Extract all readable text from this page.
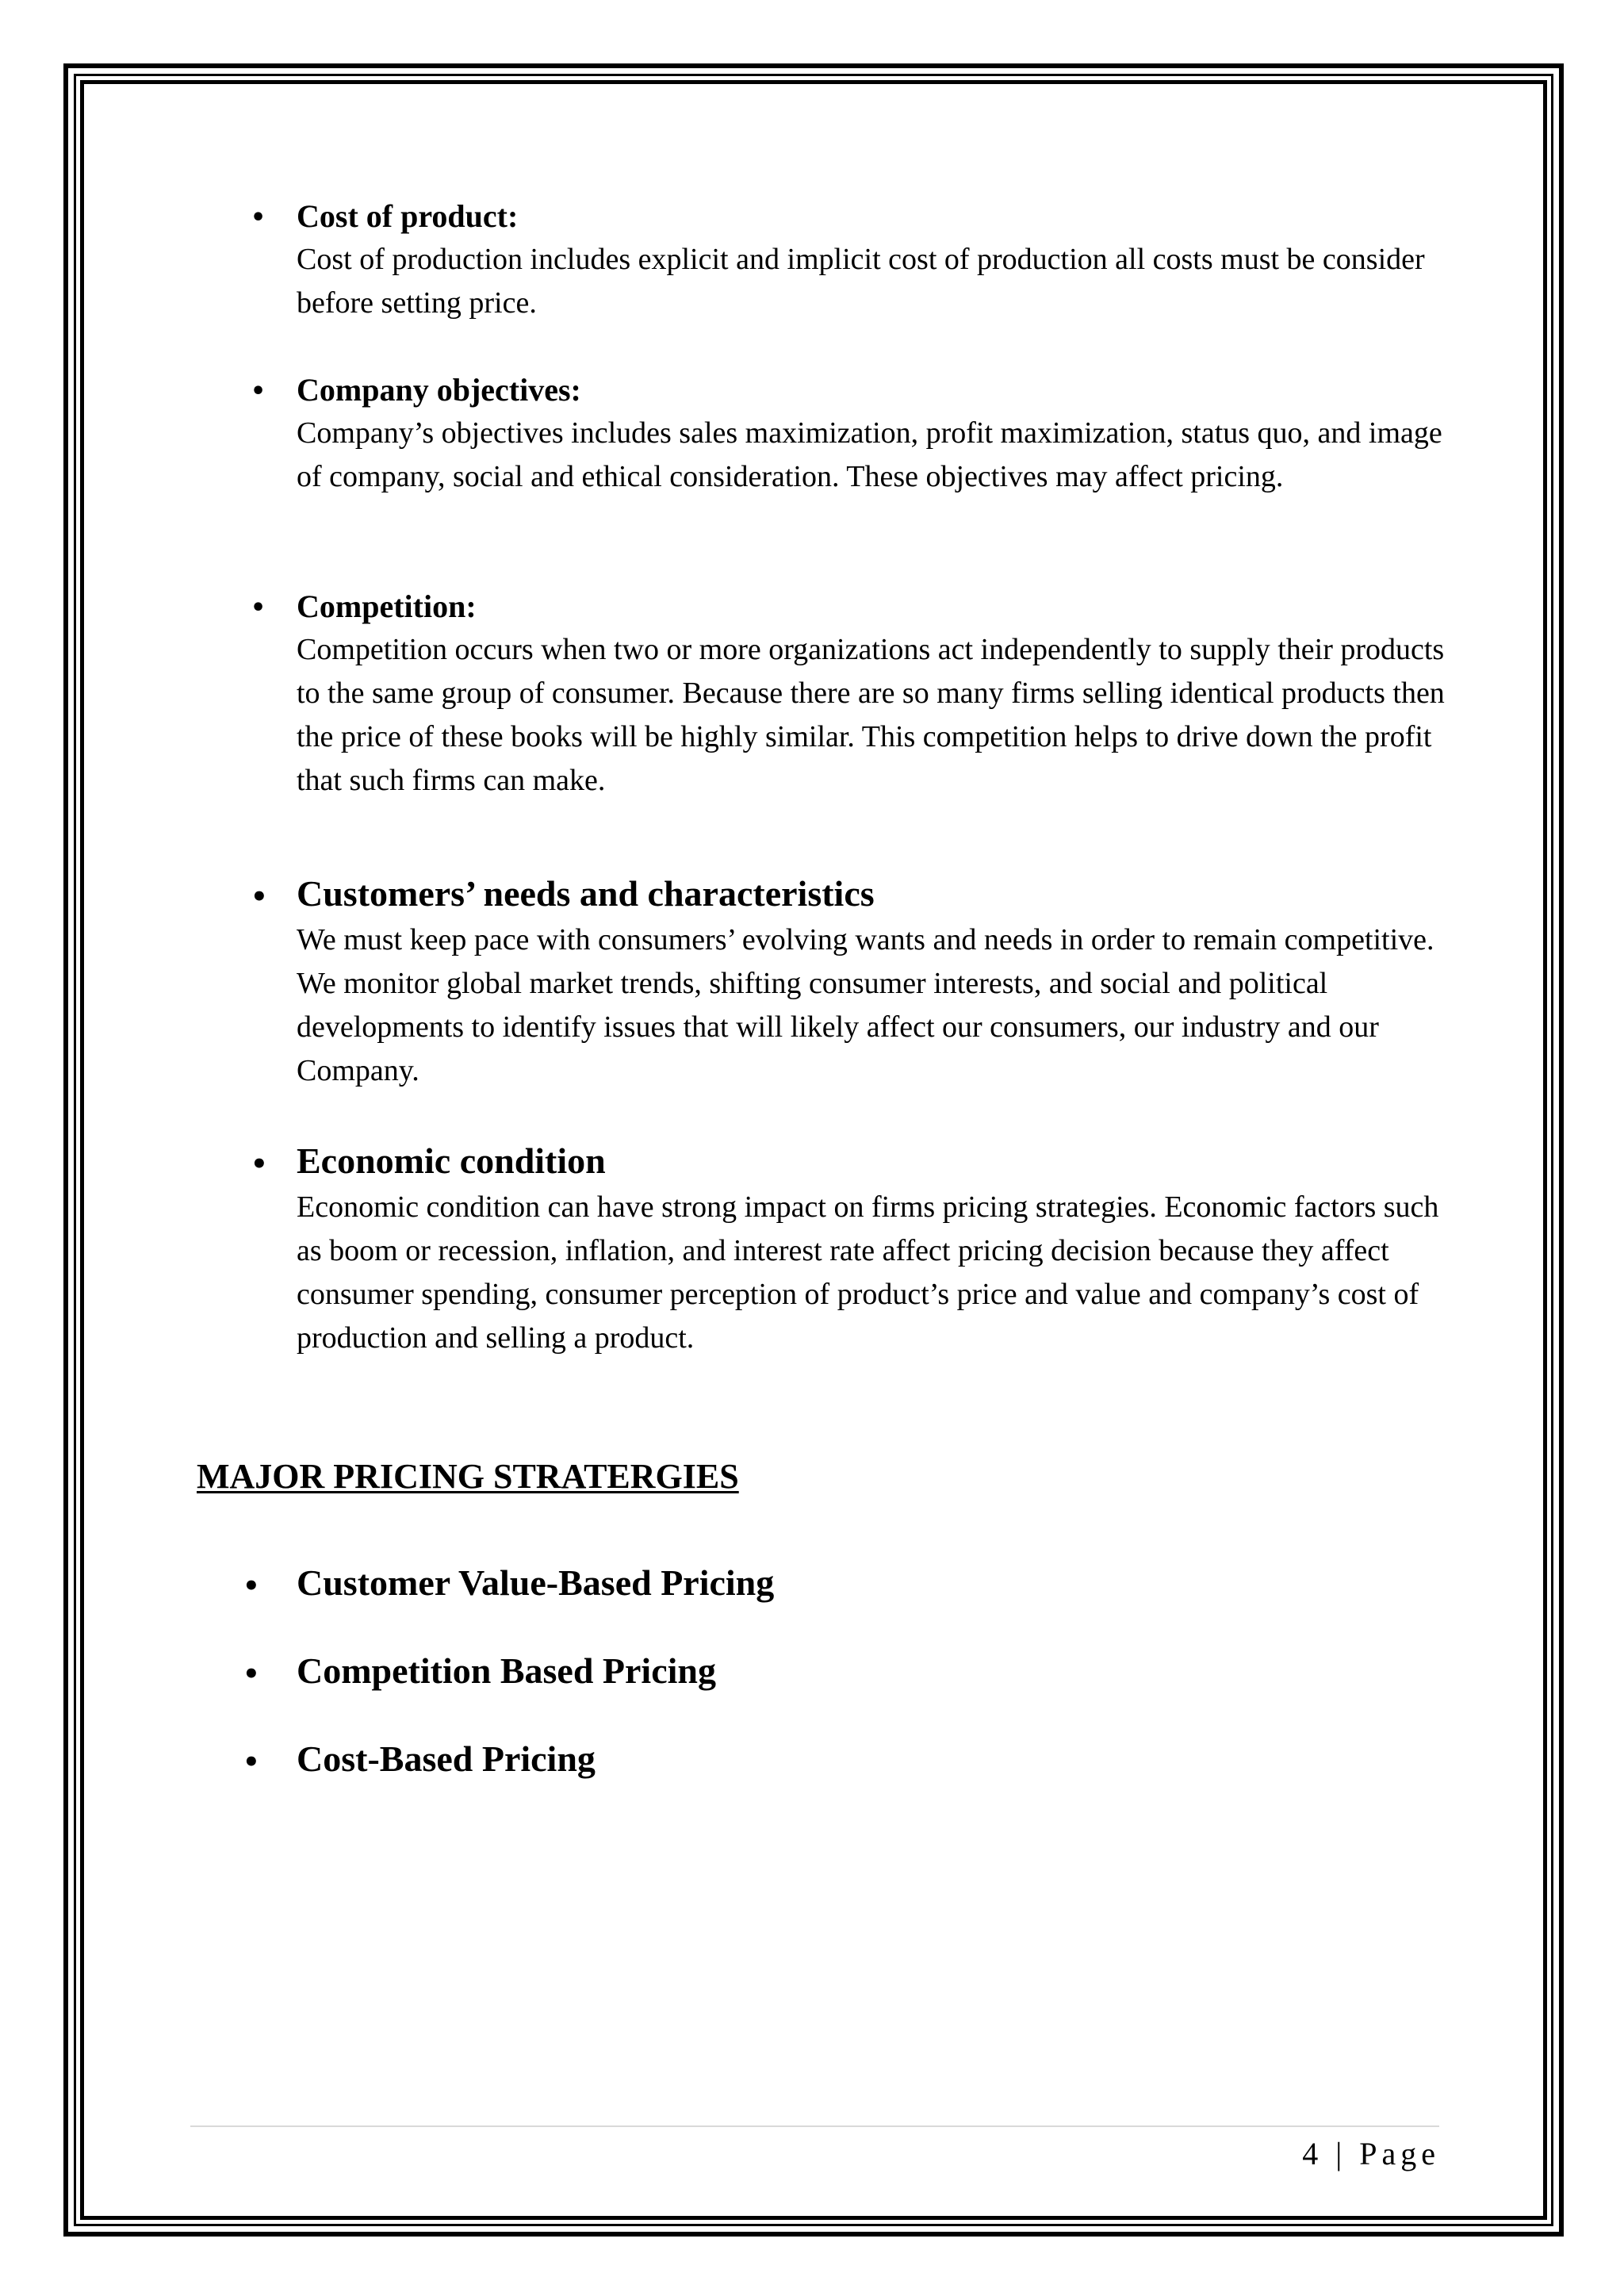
• Cost of product:

Cost of production includes explicit and implicit cost of production all costs must be consider before setting price.

• Company objectives:

Company’s objectives includes sales maximization, profit maximization, status quo, and image of company, social and ethical consideration. These objectives may affect pricing.

• Competition:

Competition occurs when two or more organizations act independently to supply their products to the same group of consumer. Because there are so many firms selling identical products then the price of these books will be highly similar. This competition helps to drive down the profit that such firms can make.

• Customers’ needs and characteristics

We must keep pace with consumers’ evolving wants and needs in order to remain competitive. We monitor global market trends, shifting consumer interests, and social and political developments to identify issues that will likely affect our consumers, our industry and our Company.

• Economic condition

Economic condition can have strong impact on firms pricing strategies. Economic factors such as boom or recession, inflation, and interest rate affect pricing decision because they affect consumer spending, consumer perception of product’s price and value and company’s cost of production and selling a product.

MAJOR PRICING STRATERGIES
• Customer Value-Based Pricing
• Competition Based Pricing
• Cost-Based Pricing
4 | Page
